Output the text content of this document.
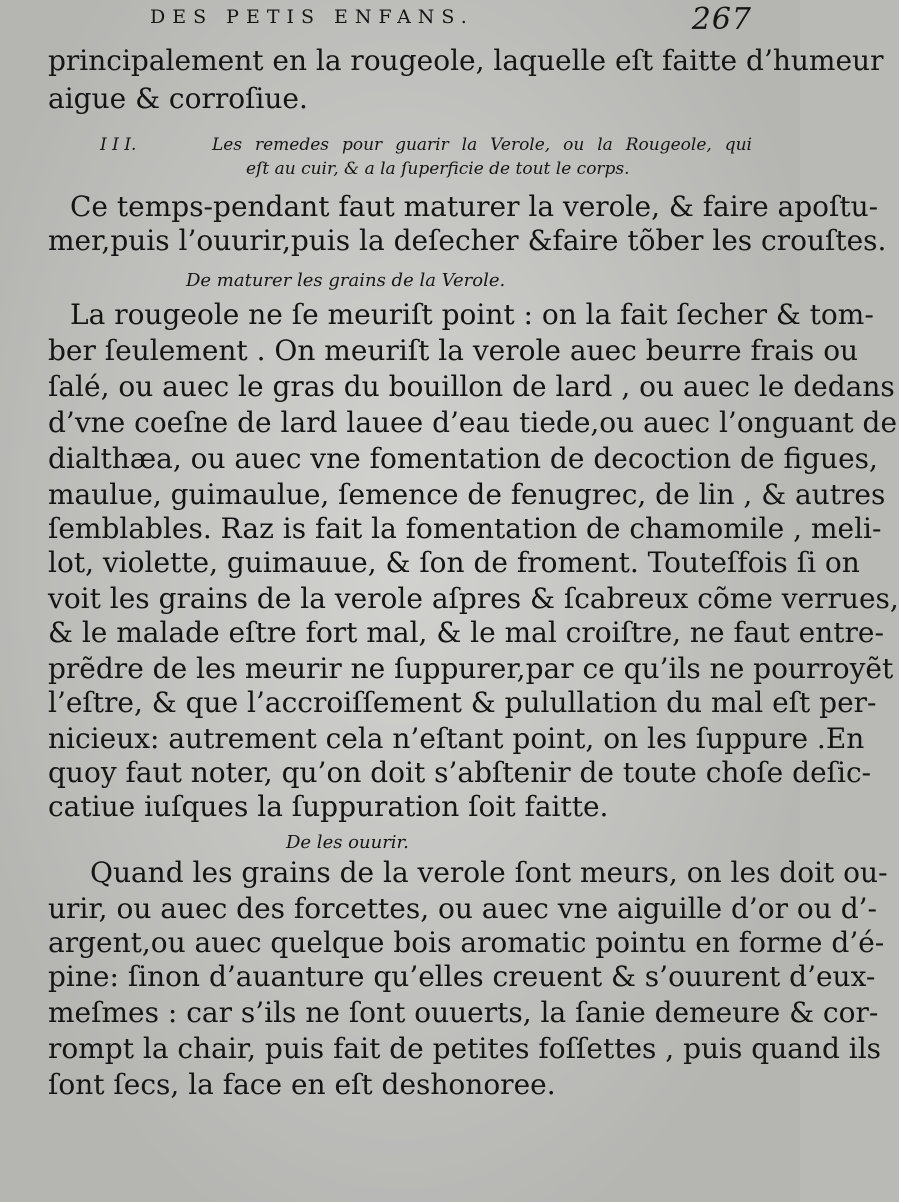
DES PETIS ENFANS.	267
principalement en la rougeole, laquelle eſt faitte d’humeur
aigue & corroſiue.
I I I.	Les remedes pour guarir la Verole, ou la Rougeole, qui
eſt au cuir, & a la ſuperficie de tout le corps.
Ce temps-pendant faut maturer la verole, & faire apoſtu-
mer,puis l’ouurir,puis la deſecher &faire tõber les crouſtes.
De maturer les grains de la Verole.
La rougeole ne ſe meuriſt point : on la fait ſecher & tom-
ber ſeulement . On meuriſt la verole auec beurre frais ou
ſalé, ou auec le gras du bouillon de lard , ou auec le dedans
d’vne coeſne de lard lauee d’eau tiede,ou auec l’onguant de
dialthæa, ou auec vne fomentation de decoction de figues,
maulue, guimaulue, ſemence de fenugrec, de lin , & autres
ſemblables. Raz is fait la fomentation de chamomile , meli-
lot, violette, guimauue, & ſon de froment. Touteſfois ſi on
voit les grains de la verole aſpres & ſcabreux cõme verrues,
& le malade eſtre fort mal, & le mal croiſtre, ne faut entre-
prẽdre de les meurir ne ſuppurer,par ce qu’ils ne pourroyẽt
l’eſtre, & que l’accroiſſement & pulullation du mal eſt per-
nicieux: autrement cela n’eſtant point, on les ſuppure .En
quoy faut noter, qu’on doit s’abſtenir de toute choſe deſic-
catiue iuſques la ſuppuration ſoit faitte.
De les ouurir.
Quand les grains de la verole ſont meurs, on les doit ou-
urir, ou auec des forcettes, ou auec vne aiguille d’or ou d’-
argent,ou auec quelque bois aromatic pointu en forme d’é-
pine: ſinon d’auanture qu’elles creuent & s’ouurent d’eux-
meſmes : car s’ils ne ſont ouuerts, la ſanie demeure & cor-
rompt la chair, puis fait de petites foſſettes , puis quand ils
ſont ſecs, la face en eſt deshonoree.
